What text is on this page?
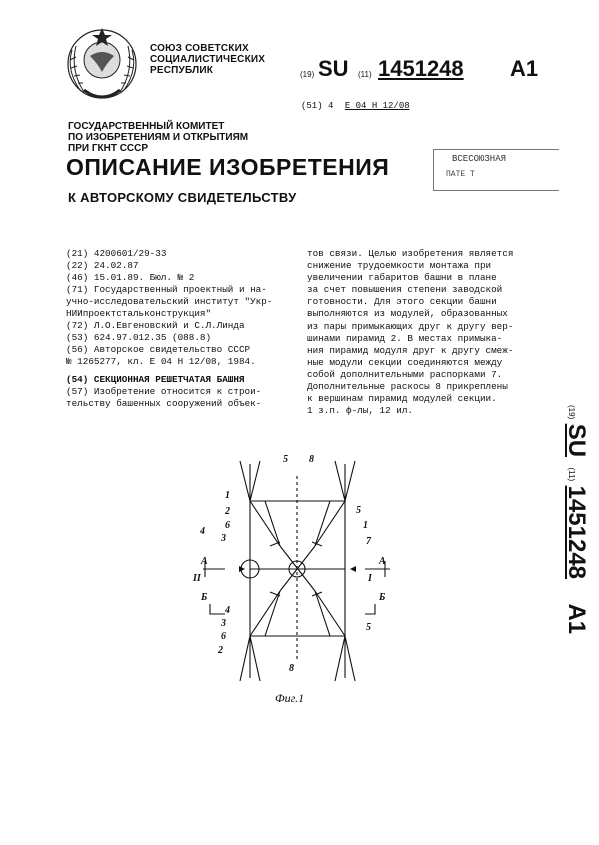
СОЮЗ СОВЕТСКИХ
СОЦИАЛИСТИЧЕСКИХ
РЕСПУБЛИК	(19) SU (11) 1451248 A1
(51) 4 E 04 H 12/08
ГОСУДАРСТВЕННЫЙ КОМИТЕТ
ПО ИЗОБРЕТЕНИЯМ И ОТКРЫТИЯМ
ПРИ ГКНТ СССР
ОПИСАНИЕ ИЗОБРЕТЕНИЯ
К АВТОРСКОМУ СВИДЕТЕЛЬСТВУ
ВСЕСОЮЗНАЯ
ПАТЕ Т
(21) 4200601/29-33
(22) 24.02.87
(46) 15.01.89. Бюл. № 2
(71) Государственный проектный и на-
учно-исследовательский институт "Укр-
НИИпроектстальконструкция"
(72) Л.О.Евгеновский и С.Л.Линда
(53) 624.97.012.35 (088.8)
(56) Авторское свидетельство СССР
№ 1265277, кл. E 04 H 12/08, 1984.
(54) СЕКЦИОННАЯ РЕШЕТЧАТАЯ БАШНЯ
(57) Изобретение относится к строи-
тельству башенных сооружений объек-
тов связи. Целью изобретения является
снижение трудоемкости монтажа при
увеличении габаритов башни в плане
за счет повышения степени заводской
готовности. Для этого секции башни
выполняются из модулей, образованных
из пары примыкающих друг к другу вер-
шинами пирамид 2. В местах примыка-
ния пирамид модуля друг к другу смеж-
ные модули секции соединяются между
собой дополнительными распорками 7.
Дополнительные раскосы 8 прикреплены
к вершинам пирамид модулей секции.
1 з.п. ф-лы, 12 ил.	(19) SU (11) 1451248 A1
1
2
6
3
4
5 8
5
1
7
A	A
II	I
Б	Б
4
3
6
2
5
8
Фиг.1
